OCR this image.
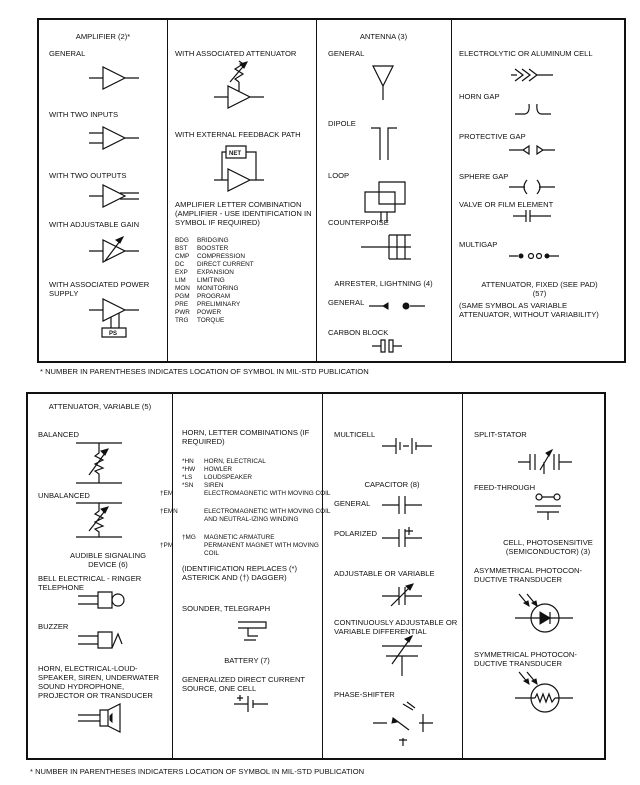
AMPLIFIER (2)*
GENERAL
WITH TWO INPUTS
WITH TWO OUTPUTS
WITH ADJUSTABLE GAIN
WITH ASSOCIATED POWER SUPPLY
PS
WITH ASSOCIATED ATTENUATOR
WITH EXTERNAL FEEDBACK PATH
NET
AMPLIFIER LETTER COMBINATION (AMPLIFIER - USE IDENTIFICATION IN SYMBOL IF REQUIRED)
BDG BRIDGING
BST BOOSTER
CMP COMPRESSION
DC DIRECT CURRENT
EXP EXPANSION
LIM LIMITING
MON MONITORING
PGM PROGRAM
PRE PRELIMINARY
PWR POWER
TRG TORQUE
ANTENNA (3)
GENERAL
DIPOLE
LOOP
COUNTERPOISE
ARRESTER, LIGHTNING (4)
GENERAL
CARBON BLOCK
ELECTROLYTIC OR ALUMINUM CELL
HORN GAP
PROTECTIVE GAP
SPHERE GAP
VALVE OR FILM ELEMENT
MULTIGAP
ATTENUATOR, FIXED (SEE PAD) (57)
(SAME SYMBOL AS VARIABLE ATTENUATOR, WITHOUT VARIABILITY)
* NUMBER IN PARENTHESES INDICATES LOCATION OF SYMBOL IN MIL-STD PUBLICATION
ATTENUATOR, VARIABLE (5)
BALANCED
UNBALANCED
AUDIBLE SIGNALING DEVICE (6)
BELL ELECTRICAL - RINGER TELEPHONE
BUZZER
HORN, ELECTRICAL-LOUD-SPEAKER, SIREN, UNDERWATER SOUND HYDROPHONE, PROJECTOR OR TRANSDUCER
HORN, LETTER COMBINATIONS (IF REQUIRED)
*HN HORN, ELECTRICAL
*HW HOWLER
*LS LOUDSPEAKER
*SN SIREN
†EM	ELECTROMAGNETIC WITH MOVING COIL
†EMN	ELECTROMAGNETIC WITH MOVING COIL AND NEUTRAL-IZING WINDING
†MG MAGNETIC ARMATURE
†PM	PERMANENT MAGNET WITH MOVING COIL
(IDENTIFICATION REPLACES (*) ASTERICK AND (†) DAGGER)
SOUNDER, TELEGRAPH
BATTERY (7)
GENERALIZED DIRECT CURRENT SOURCE, ONE CELL
MULTICELL
CAPACITOR (8)
GENERAL
POLARIZED
ADJUSTABLE OR VARIABLE
CONTINUOUSLY ADJUSTABLE OR VARIABLE DIFFERENTIAL
PHASE-SHIFTER
SPLIT-STATOR
FEED-THROUGH
CELL, PHOTOSENSITIVE (SEMICONDUCTOR) (3)
ASYMMETRICAL PHOTOCON-DUCTIVE TRANSDUCER
SYMMETRICAL PHOTOCON-DUCTIVE TRANSDUCER
* NUMBER IN PARENTHESES INDICATERS LOCATION OF SYMBOL IN MIL-STD PUBLICATION
